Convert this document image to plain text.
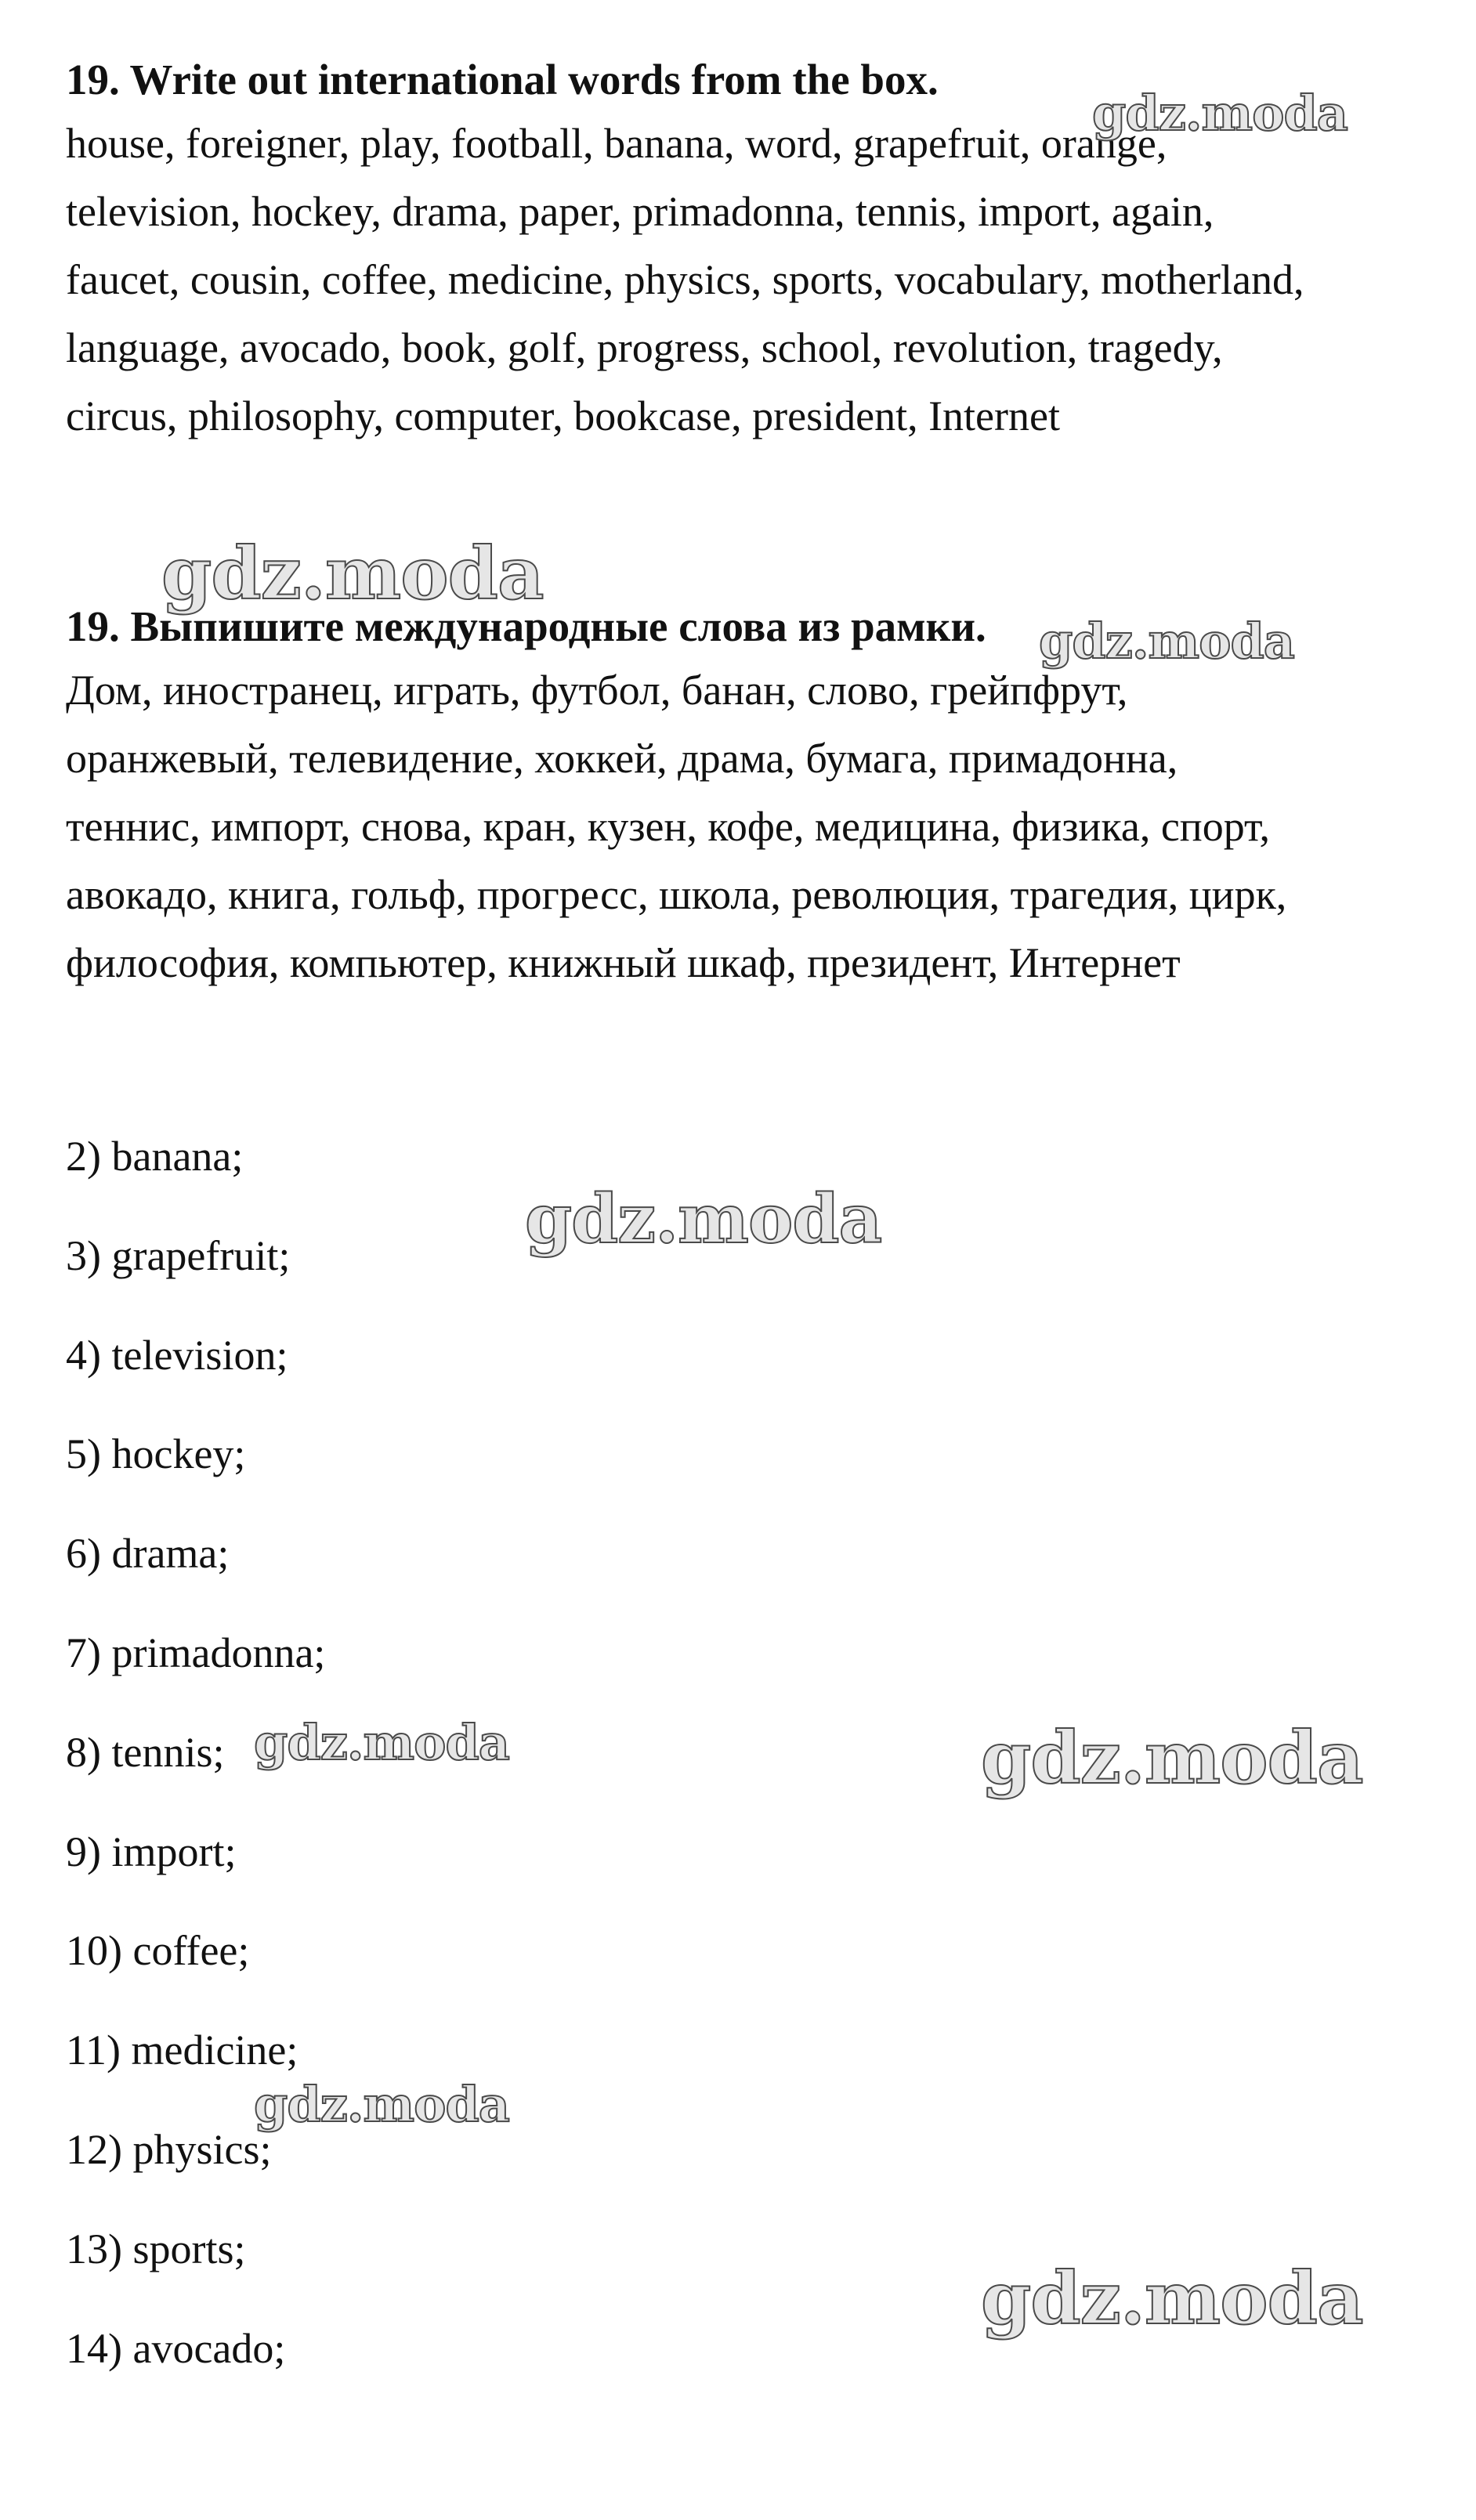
19. Write out international words from the box.

house, foreigner, play, football, banana, word, grapefruit, orange,

television, hockey, drama, paper, primadonna, tennis, import, again,

faucet, cousin, coffee, medicine, physics, sports, vocabulary, motherland,

language, avocado, book, golf, progress, school, revolution, tragedy,

circus, philosophy, computer, bookcase, president, Internet

19. Выпишите международные слова из рамки.

Дом, иностранец, играть, футбол, банан, слово, грейпфрут,

оранжевый, телевидение, хоккей, драма, бумага, примадонна,

теннис, импорт, снова, кран, кузен, кофе, медицина, физика, спорт,

авокадо, книга, гольф, прогресс, школа, революция, трагедия, цирк,

философия, компьютер, книжный шкаф, президент, Интернет

2) banana;
3) grapefruit;
4) television;
5) hockey;
6) drama;
7) primadonna;
8) tennis;
9) import;
10) coffee;
11) medicine;
12) physics;
13) sports;
14) avocado;
gdz.moda
gdz.moda
gdz.moda
gdz.moda
gdz.moda	gdz.moda
gdz.moda
gdz.moda
